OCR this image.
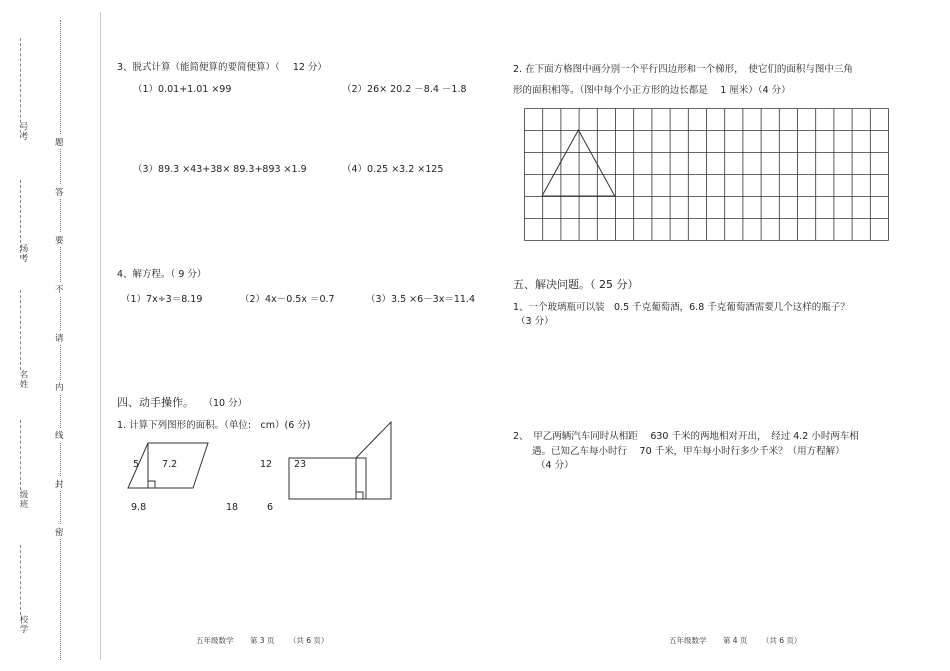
号考
场考
名姓
级班
校学
题
答
要
不
请
内
线
封
密
3、脱式计算（能简便算的要简便算）（ 12 分）
（1）0.01+1.01 ×99	（2）26× 20.2 －8.4 －1.8
（3）89.3 ×43+38× 89.3+893 ×1.9	（4）0.25 ×3.2 ×125
4、解方程。（ 9 分）
（1）7x÷3＝8.19	（2）4x－0.5x ＝0.7	（3）3.5 ×6－3x＝11.4
四、动手操作。 （10 分）
1. 计算下列图形的面积。（单位:　cm）(6 分)
5 7.2
9.8
12 23
18	6
五年级数学 第 3 页 （共 6 页）
2. 在下面方格图中画分别一个平行四边形和一个梯形，　使它们的面积与图中三角
形的面积相等。（图中每个小正方形的边长都是　 1 厘米）（4 分）
五、解决问题。（ 25 分）
1、一个玻璃瓶可以装　0.5 千克葡萄酒，6.8 千克葡萄酒需要几个这样的瓶子？
（3 分）
2、　甲乙两辆汽车同时从相距　 630 千米的两地相对开出，　经过 4.2 小时两车相
遇。已知乙车每小时行　 70 千米，甲车每小时行多少千米？（用方程解）
（4 分）
五年级数学 第 4 页 （共 6 页）
